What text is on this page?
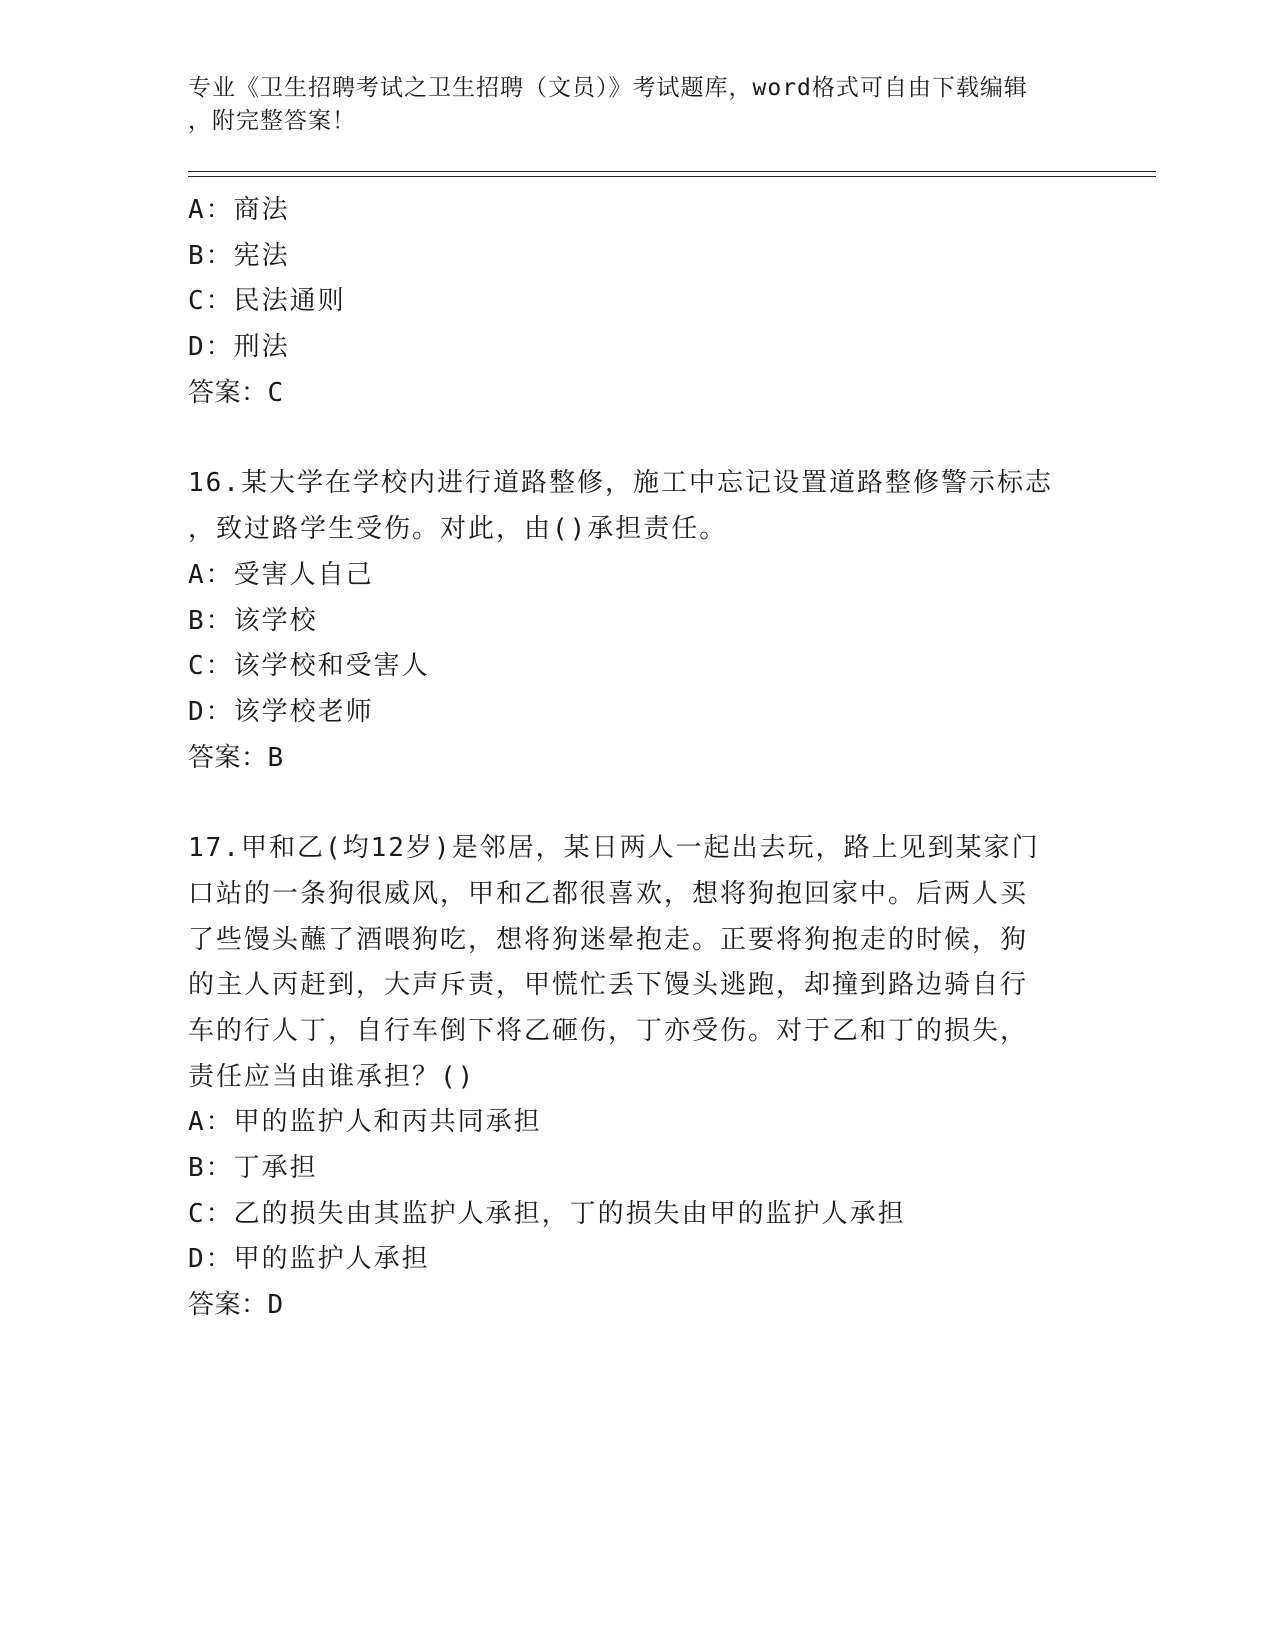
专业《卫生招聘考试之卫生招聘（文员）》考试题库，word格式可自由下载编辑
，附完整答案！
A：商法
B：宪法
C：民法通则
D：刑法
答案：C
16.某大学在学校内进行道路整修，施工中忘记设置道路整修警示标志
，致过路学生受伤。对此，由()承担责任。
A：受害人自己
B：该学校
C：该学校和受害人
D：该学校老师
答案：B
17.甲和乙(均12岁)是邻居，某日两人一起出去玩，路上见到某家门
口站的一条狗很威风，甲和乙都很喜欢，想将狗抱回家中。后两人买
了些馒头蘸了酒喂狗吃，想将狗迷晕抱走。正要将狗抱走的时候，狗
的主人丙赶到，大声斥责，甲慌忙丢下馒头逃跑，却撞到路边骑自行
车的行人丁，自行车倒下将乙砸伤，丁亦受伤。对于乙和丁的损失，
责任应当由谁承担？()
A：甲的监护人和丙共同承担
B：丁承担
C：乙的损失由其监护人承担，丁的损失由甲的监护人承担
D：甲的监护人承担
答案：D
